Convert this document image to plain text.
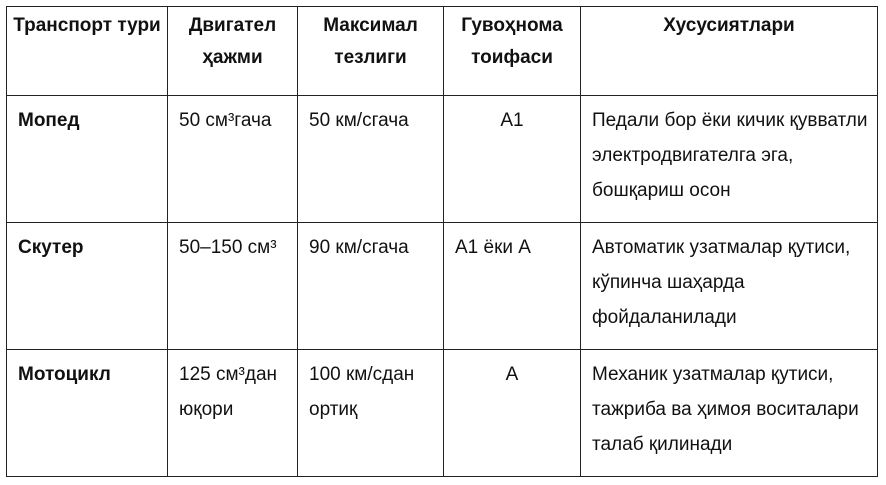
Транспорт тури	Двигател ҳажми	Максимал тезлиги	Гувоҳнома тоифаси	Хусусиятлари

Мопед	50 см³гача	50 км/сгача	A1	Педали бор ёки кичик қувватли электродвигателга эга, бошқариш осон

Скутер	50–150 см³	90 км/сгача	A1 ёки A	Автоматик узатмалар қутиси, кўпинча шаҳарда фойдаланилади

Мотоцикл	125 см³дан юқори	100 км/сдан ортиқ	A	Механик узатмалар қутиси, тажриба ва ҳимоя воситалари талаб қилинади
